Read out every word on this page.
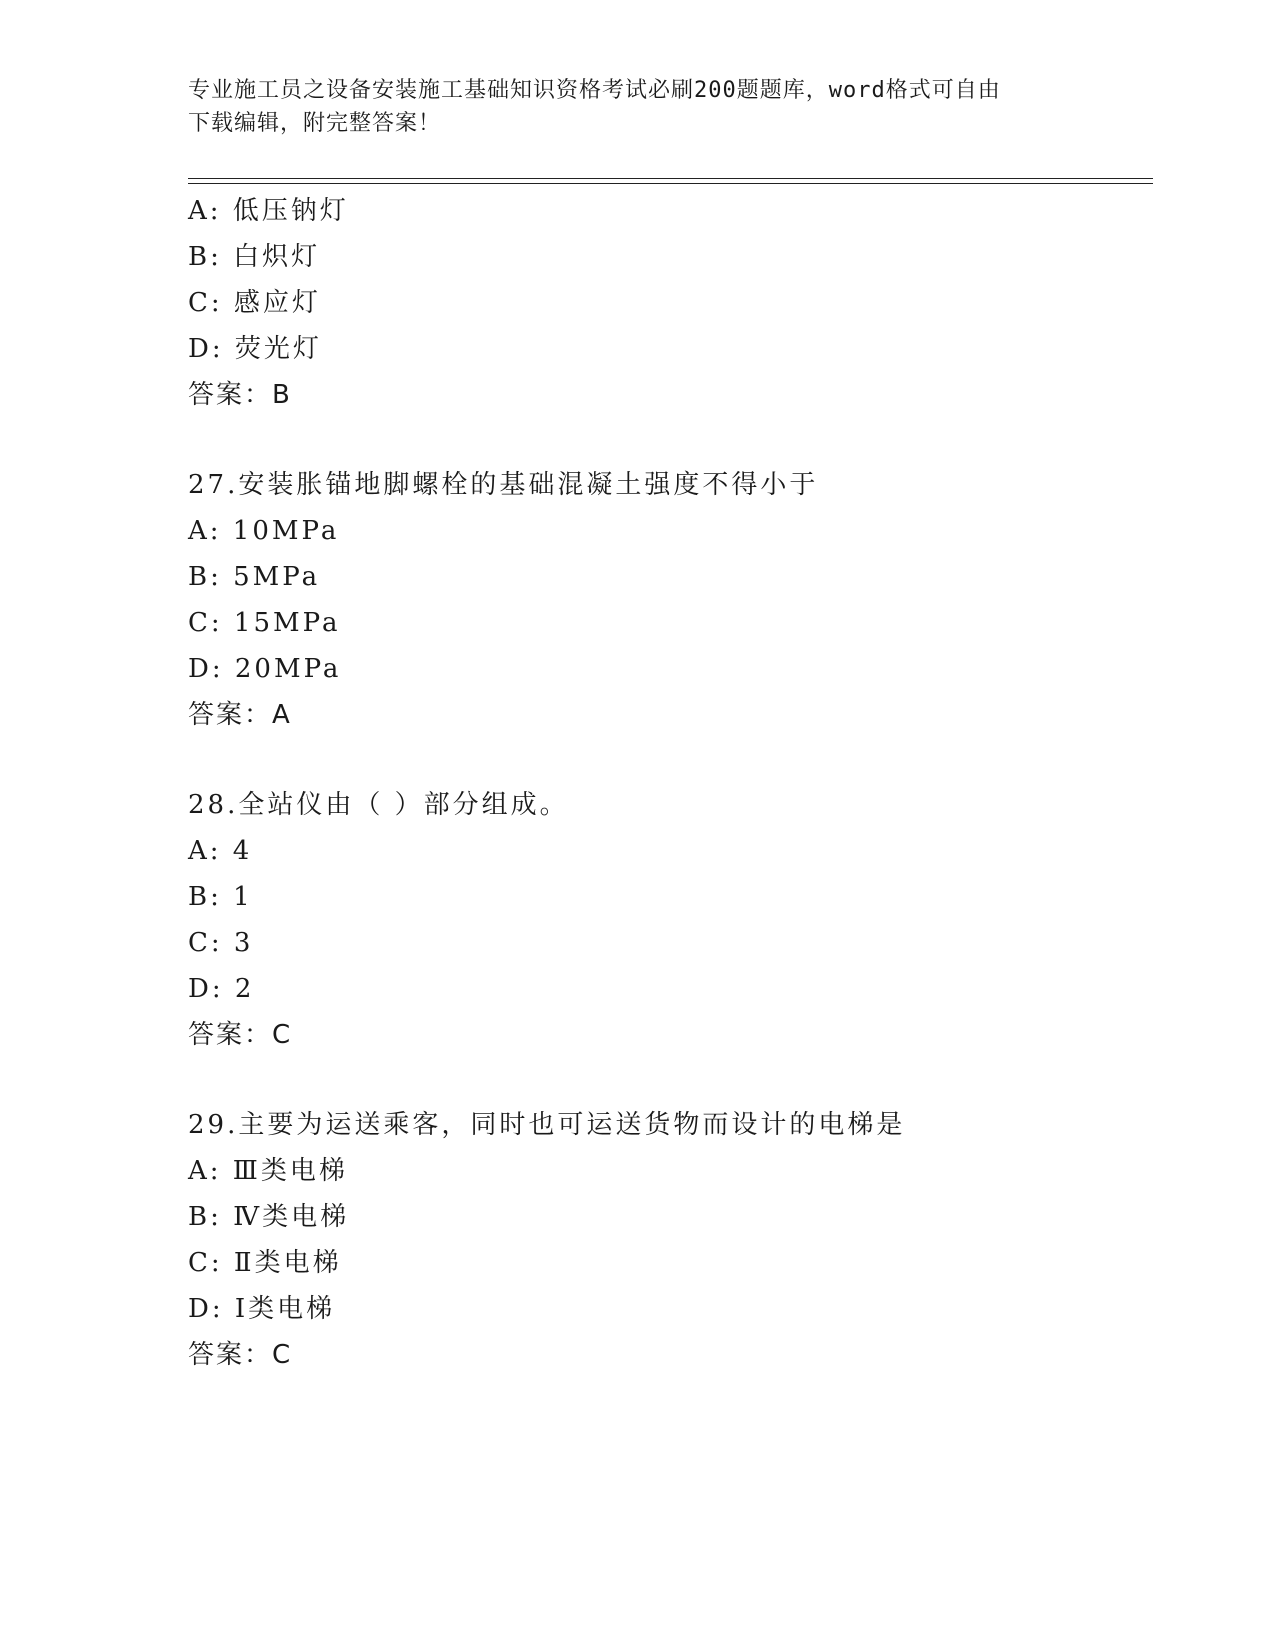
专业施工员之设备安装施工基础知识资格考试必刷200题题库，word格式可自由
下载编辑，附完整答案！
A: 低压钠灯
B: 白炽灯
C: 感应灯
D: 荧光灯
答案：B
27.安装胀锚地脚螺栓的基础混凝土强度不得小于
A: 10MPa
B: 5MPa
C: 15MPa
D: 20MPa
答案：A
28.全站仪由（ ）部分组成。
A: 4
B: 1
C: 3
D: 2
答案：C
29.主要为运送乘客，同时也可运送货物而设计的电梯是
A: Ⅲ类电梯
B: Ⅳ类电梯
C: Ⅱ类电梯
D: Ⅰ类电梯
答案：C
